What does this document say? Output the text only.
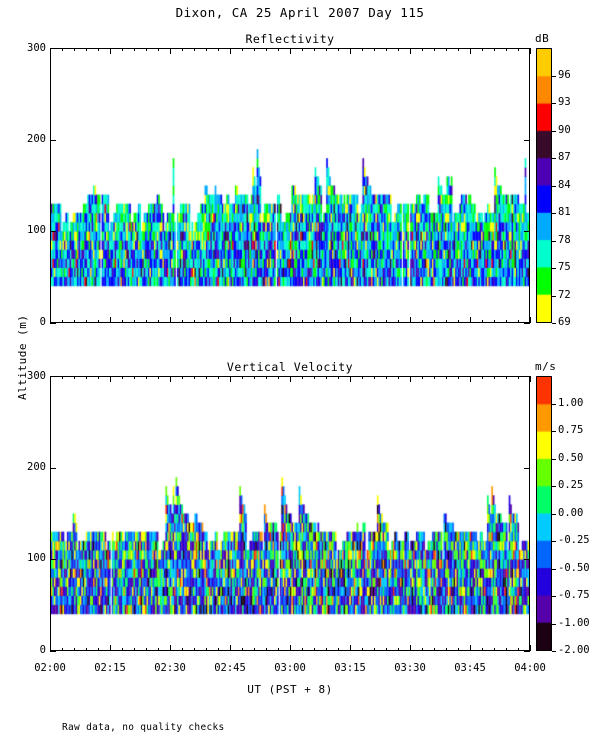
Dixon, CA 25 April 2007 Day 115
Altitude (m)
Reflectivity
300
200
100
0
dB
96
93
90
87
84
81
78
75
72
69
Vertical Velocity
300
200
100
0
m/s
1.00
0.75
0.50
0.25
0.00
-0.25
-0.50
-0.75
-1.00
-2.00
02:00	02:15	02:30	02:45	03:00	03:15	03:30	03:45	04:00
UT (PST + 8)
Raw data, no quality checks
